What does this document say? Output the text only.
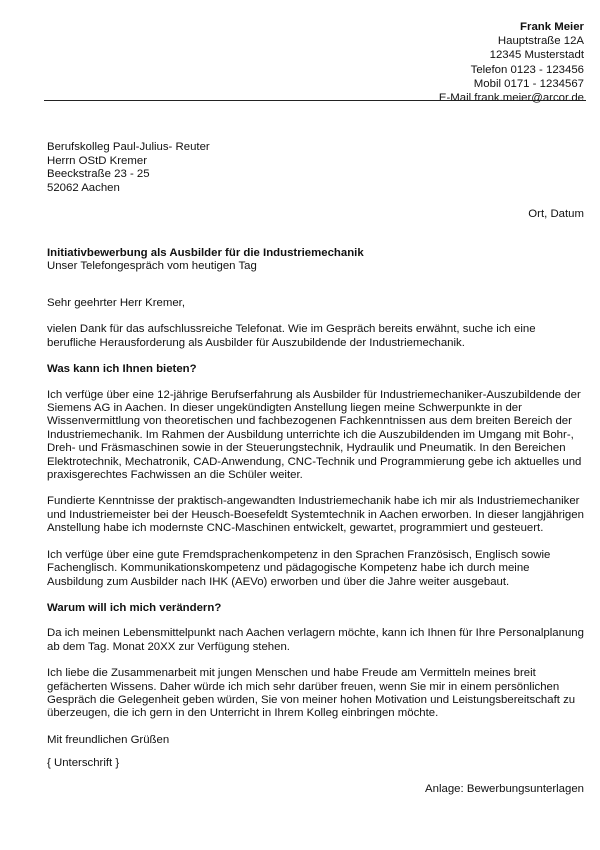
Frank Meier
Hauptstraße 12A
12345 Musterstadt
Telefon 0123 - 123456
Mobil 0171 - 1234567
E-Mail frank.meier@arcor.de
Berufskolleg Paul-Julius- Reuter
Herrn OStD Kremer
Beeckstraße 23 - 25
52062 Aachen
Ort, Datum
Initiativbewerbung als Ausbilder für die Industriemechanik
Unser Telefongespräch vom heutigen Tag

Sehr geehrter Herr Kremer,

vielen Dank für das aufschlussreiche Telefonat. Wie im Gespräch bereits erwähnt, suche ich eine berufliche Herausforderung als Ausbilder für Auszubildende der Industriemechanik.

Was kann ich Ihnen bieten?

Ich verfüge über eine 12-jährige Berufserfahrung als Ausbilder für Industriemechaniker-Auszubildende der Siemens AG in Aachen. In dieser ungekündigten Anstellung liegen meine Schwerpunkte in der Wissenvermittlung von theoretischen und fachbezogenen Fachkenntnissen aus dem breiten Bereich der Industriemechanik. Im Rahmen der Ausbildung unterrichte ich die Auszubildenden im Umgang mit Bohr-, Dreh- und Fräsmaschinen sowie in der Steuerungstechnik, Hydraulik und Pneumatik. In den Bereichen Elektrotechnik, Mechatronik, CAD-Anwendung, CNC-Technik und Programmierung gebe ich aktuelles und praxisgerechtes Fachwissen an die Schüler weiter.

Fundierte Kenntnisse der praktisch-angewandten Industriemechanik habe ich mir als Industriemechaniker und Industriemeister bei der Heusch-Boesefeldt Systemtechnik in Aachen erworben. In dieser langjährigen Anstellung habe ich modernste CNC-Maschinen entwickelt, gewartet, programmiert und gesteuert.

Ich verfüge über eine gute Fremdsprachenkompetenz in den Sprachen Französisch, Englisch sowie Fachenglisch. Kommunikationskompetenz und pädagogische Kompetenz habe ich durch meine Ausbildung zum Ausbilder nach IHK (AEVo) erworben und über die Jahre weiter ausgebaut.

Warum will ich mich verändern?

Da ich meinen Lebensmittelpunkt nach Aachen verlagern möchte, kann ich Ihnen für Ihre Personalplanung ab dem Tag. Monat 20XX zur Verfügung stehen.

Ich liebe die Zusammenarbeit mit jungen Menschen und habe Freude am Vermitteln meines breit gefächerten Wissens. Daher würde ich mich sehr darüber freuen, wenn Sie mir in einem persönlichen Gespräch die Gelegenheit geben würden, Sie von meiner hohen Motivation und Leistungsbereitschaft zu überzeugen, die ich gern in den Unterricht in Ihrem Kolleg einbringen möchte.

Mit freundlichen Grüßen

{ Unterschrift }

Anlage: Bewerbungsunterlagen
